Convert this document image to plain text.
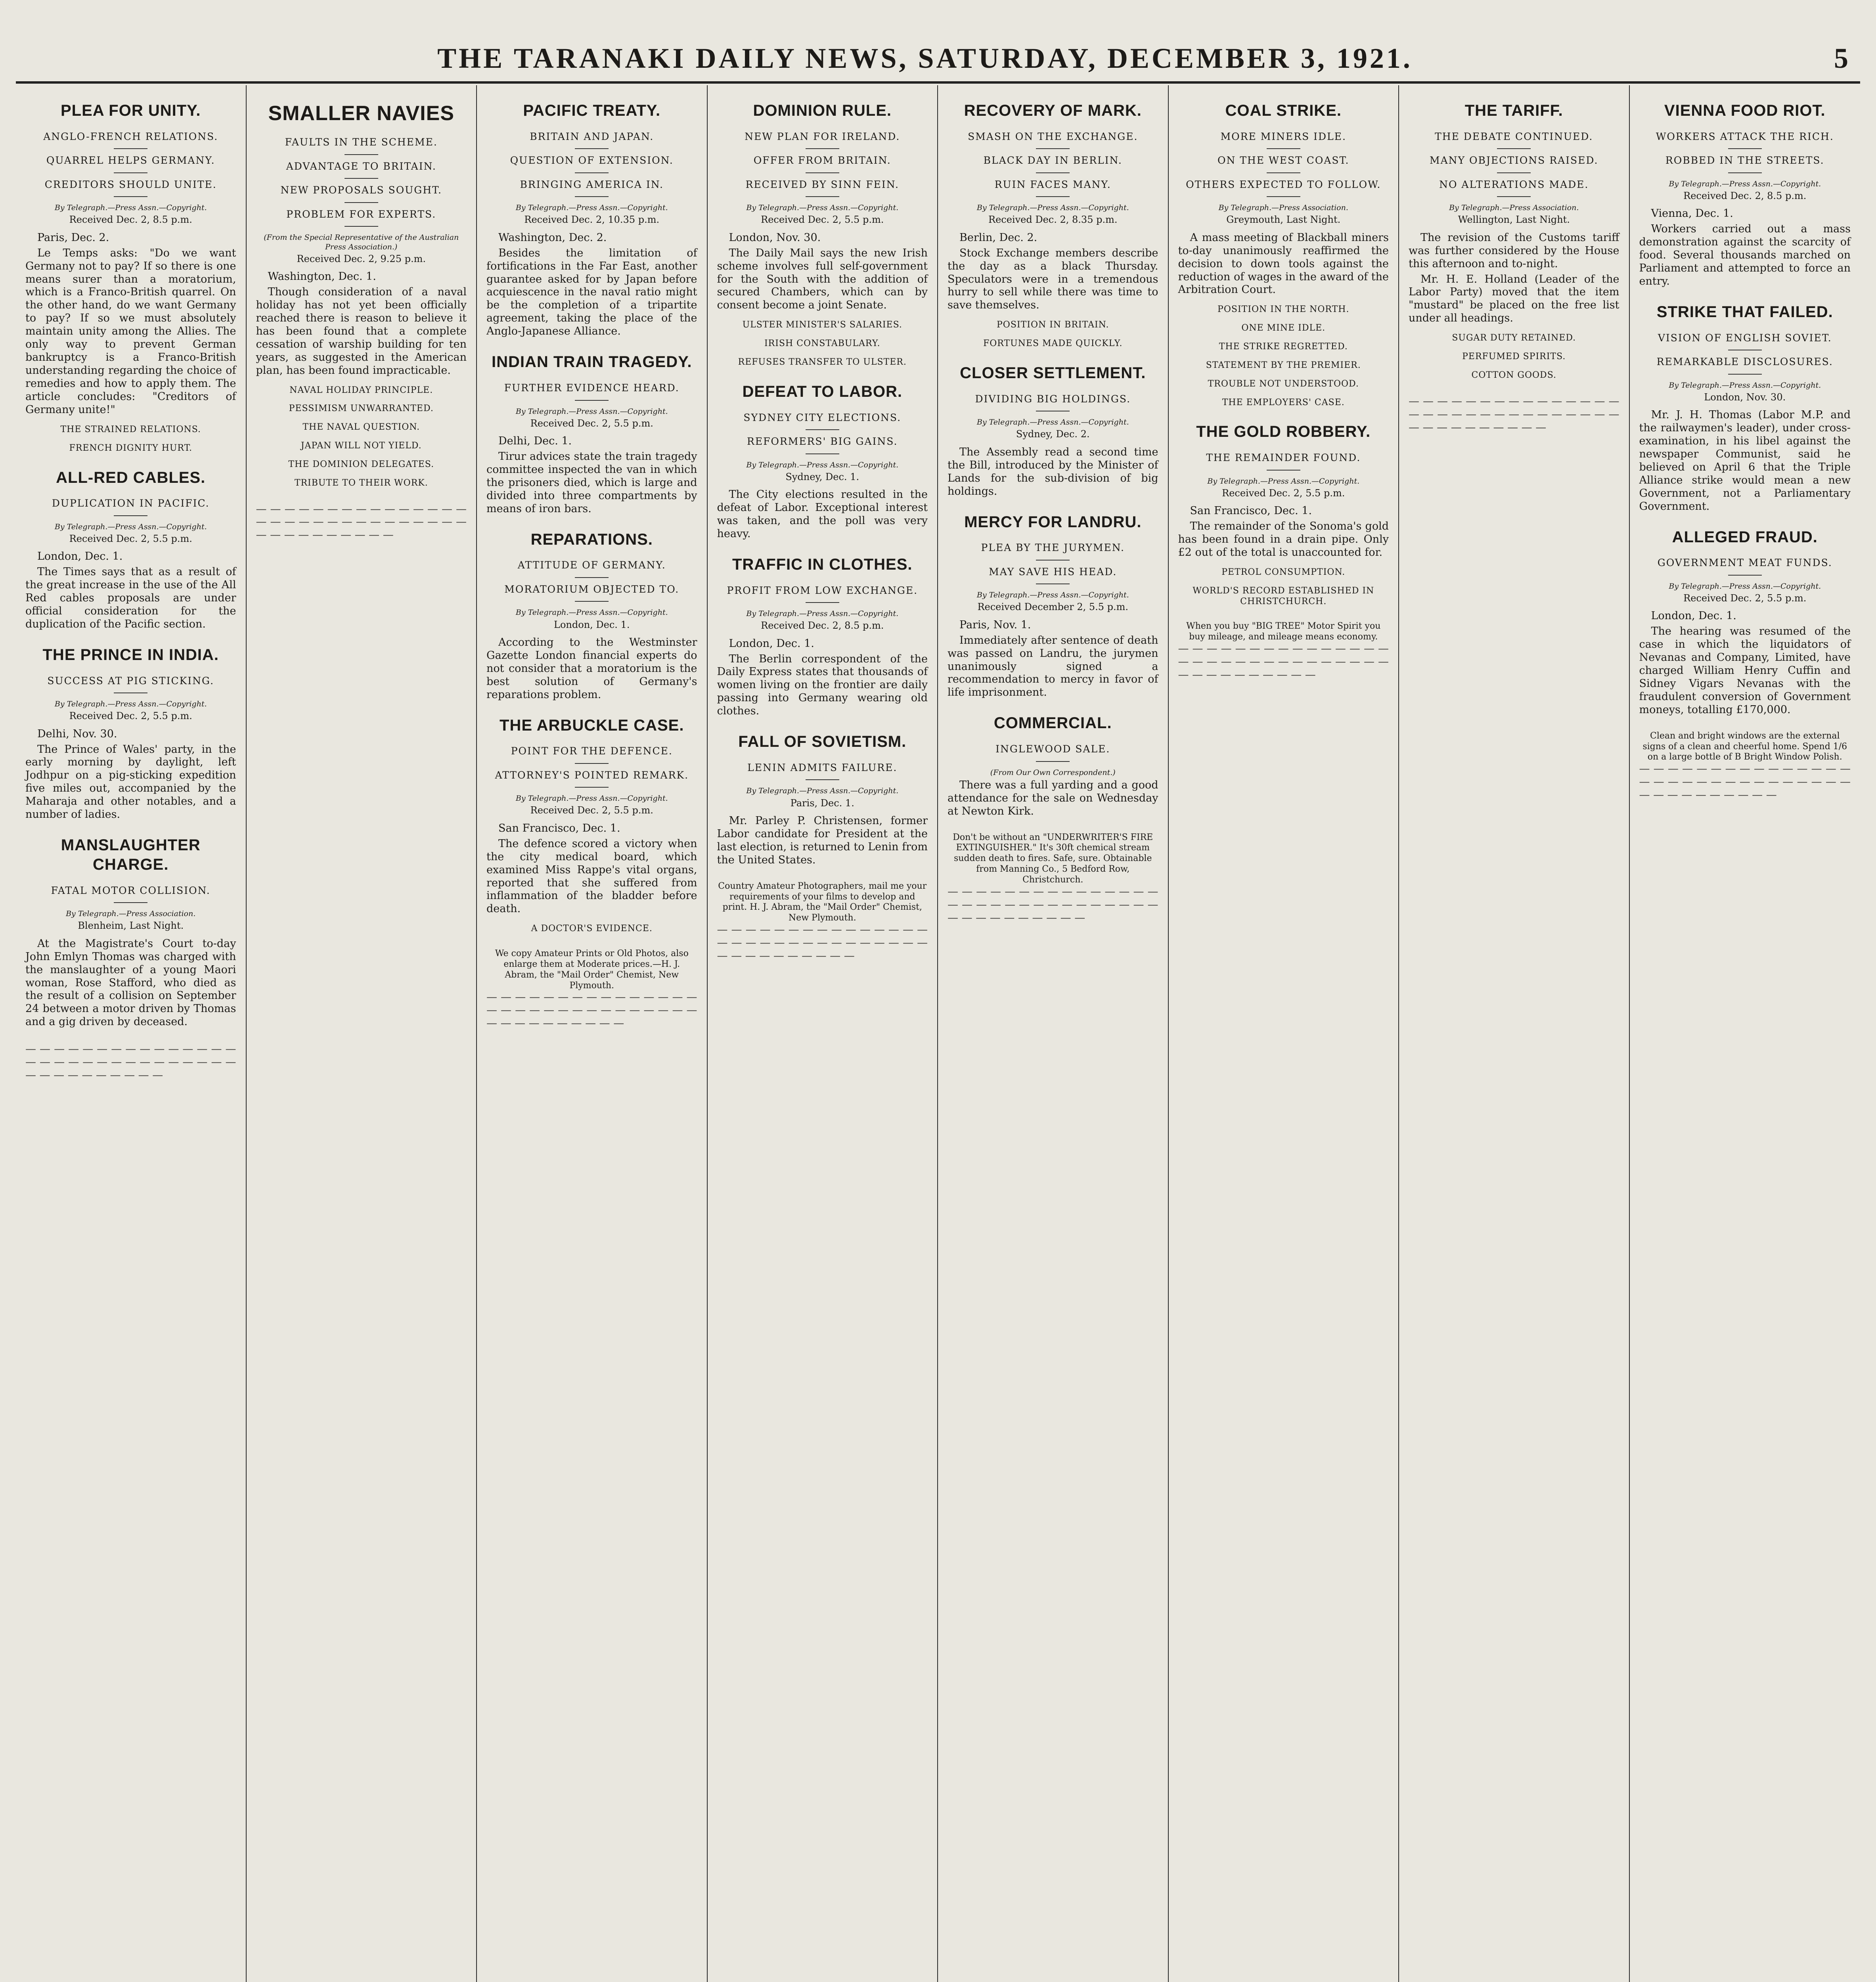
THE TARANAKI DAILY NEWS, SATURDAY, DECEMBER 3, 1921.	5
PLEA FOR UNITY.
ANGLO-FRENCH RELATIONS.
QUARREL HELPS GERMANY.
CREDITORS SHOULD UNITE.
By Telegraph.—Press Assn.—Copyright.
Received Dec. 2, 8.5 p.m.
Paris, Dec. 2.
Le Temps asks: "Do we want Germany not to pay? If so there is one means surer than a moratorium, which is a Franco-British quarrel. On the other hand, do we want Germany to pay? If so we must absolutely maintain unity among the Allies. The only way to prevent German bankruptcy is a Franco-British understanding regarding the choice of remedies and how to apply them. The article concludes: "Creditors of Germany unite!"
THE STRAINED RELATIONS.
FRENCH DIGNITY HURT.
ALL-RED CABLES.
DUPLICATION IN PACIFIC.
By Telegraph.—Press Assn.—Copyright.
Received Dec. 2, 5.5 p.m.
London, Dec. 1.
The Times says that as a result of the great increase in the use of the All Red cables proposals are under official consideration for the duplication of the Pacific section.
THE PRINCE IN INDIA.
SUCCESS AT PIG STICKING.
By Telegraph.—Press Assn.—Copyright.
Received Dec. 2, 5.5 p.m.
Delhi, Nov. 30.
The Prince of Wales' party, in the early morning by daylight, left Jodhpur on a pig-sticking expedition five miles out, accompanied by the Maharaja and other notables, and a number of ladies.
MANSLAUGHTER CHARGE.
FATAL MOTOR COLLISION.
By Telegraph.—Press Association.
Blenheim, Last Night.
At the Magistrate's Court to-day John Emlyn Thomas was charged with the manslaughter of a young Maori woman, Rose Stafford, who died as the result of a collision on September 24 between a motor driven by Thomas and a gig driven by deceased.
— — — — — — — — — — — — — — — — — — — — — — — — — — — — — — — — — — — — — — — —
SMALLER NAVIES
FAULTS IN THE SCHEME.
ADVANTAGE TO BRITAIN.
NEW PROPOSALS SOUGHT.
PROBLEM FOR EXPERTS.
(From the Special Representative of the Australian Press Association.)
Received Dec. 2, 9.25 p.m.
Washington, Dec. 1.
Though consideration of a naval holiday has not yet been officially reached there is reason to believe it has been found that a complete cessation of warship building for ten years, as suggested in the American plan, has been found impracticable.
NAVAL HOLIDAY PRINCIPLE.
PESSIMISM UNWARRANTED.
THE NAVAL QUESTION.
JAPAN WILL NOT YIELD.
THE DOMINION DELEGATES.
TRIBUTE TO THEIR WORK.
— — — — — — — — — — — — — — — — — — — — — — — — — — — — — — — — — — — — — — — —
PACIFIC TREATY.
BRITAIN AND JAPAN.
QUESTION OF EXTENSION.
BRINGING AMERICA IN.
By Telegraph.—Press Assn.—Copyright.
Received Dec. 2, 10.35 p.m.
Washington, Dec. 2.
Besides the limitation of fortifications in the Far East, another guarantee asked for by Japan before acquiescence in the naval ratio might be the completion of a tripartite agreement, taking the place of the Anglo-Japanese Alliance.
INDIAN TRAIN TRAGEDY.
FURTHER EVIDENCE HEARD.
By Telegraph.—Press Assn.—Copyright.
Received Dec. 2, 5.5 p.m.
Delhi, Dec. 1.
Tirur advices state the train tragedy committee inspected the van in which the prisoners died, which is large and divided into three compartments by means of iron bars.
REPARATIONS.
ATTITUDE OF GERMANY.
MORATORIUM OBJECTED TO.
By Telegraph.—Press Assn.—Copyright.
London, Dec. 1.
According to the Westminster Gazette London financial experts do not consider that a moratorium is the best solution of Germany's reparations problem.
THE ARBUCKLE CASE.
POINT FOR THE DEFENCE.
ATTORNEY'S POINTED REMARK.
By Telegraph.—Press Assn.—Copyright.
Received Dec. 2, 5.5 p.m.
San Francisco, Dec. 1.
The defence scored a victory when the city medical board, which examined Miss Rappe's vital organs, reported that she suffered from inflammation of the bladder before death.
A DOCTOR'S EVIDENCE.
We copy Amateur Prints or Old Photos, also enlarge them at Moderate prices.—H. J. Abram, the "Mail Order" Chemist, New Plymouth.
— — — — — — — — — — — — — — — — — — — — — — — — — — — — — — — — — — — — — — — —
DOMINION RULE.
NEW PLAN FOR IRELAND.
OFFER FROM BRITAIN.
RECEIVED BY SINN FEIN.
By Telegraph.—Press Assn.—Copyright.
Received Dec. 2, 5.5 p.m.
London, Nov. 30.
The Daily Mail says the new Irish scheme involves full self-government for the South with the addition of secured Chambers, which can by consent become a joint Senate.
ULSTER MINISTER'S SALARIES.
IRISH CONSTABULARY.
REFUSES TRANSFER TO ULSTER.
DEFEAT TO LABOR.
SYDNEY CITY ELECTIONS.
REFORMERS' BIG GAINS.
By Telegraph.—Press Assn.—Copyright.
Sydney, Dec. 1.
The City elections resulted in the defeat of Labor. Exceptional interest was taken, and the poll was very heavy.
TRAFFIC IN CLOTHES.
PROFIT FROM LOW EXCHANGE.
By Telegraph.—Press Assn.—Copyright.
Received Dec. 2, 8.5 p.m.
London, Dec. 1.
The Berlin correspondent of the Daily Express states that thousands of women living on the frontier are daily passing into Germany wearing old clothes.
FALL OF SOVIETISM.
LENIN ADMITS FAILURE.
By Telegraph.—Press Assn.—Copyright.
Paris, Dec. 1.
Mr. Parley P. Christensen, former Labor candidate for President at the last election, is returned to Lenin from the United States.
Country Amateur Photographers, mail me your requirements of your films to develop and print. H. J. Abram, the "Mail Order" Chemist, New Plymouth.
— — — — — — — — — — — — — — — — — — — — — — — — — — — — — — — — — — — — — — — —
RECOVERY OF MARK.
SMASH ON THE EXCHANGE.
BLACK DAY IN BERLIN.
RUIN FACES MANY.
By Telegraph.—Press Assn.—Copyright.
Received Dec. 2, 8.35 p.m.
Berlin, Dec. 2.
Stock Exchange members describe the day as a black Thursday. Speculators were in a tremendous hurry to sell while there was time to save themselves.
POSITION IN BRITAIN.
FORTUNES MADE QUICKLY.
CLOSER SETTLEMENT.
DIVIDING BIG HOLDINGS.
By Telegraph.—Press Assn.—Copyright.
Sydney, Dec. 2.
The Assembly read a second time the Bill, introduced by the Minister of Lands for the sub-division of big holdings.
MERCY FOR LANDRU.
PLEA BY THE JURYMEN.
MAY SAVE HIS HEAD.
By Telegraph.—Press Assn.—Copyright.
Received December 2, 5.5 p.m.
Paris, Nov. 1.
Immediately after sentence of death was passed on Landru, the jurymen unanimously signed a recommendation to mercy in favor of life imprisonment.
COMMERCIAL.
INGLEWOOD SALE.
(From Our Own Correspondent.)
There was a full yarding and a good attendance for the sale on Wednesday at Newton Kirk.
Don't be without an "UNDERWRITER'S FIRE EXTINGUISHER." It's 30ft chemical stream sudden death to fires. Safe, sure. Obtainable from Manning Co., 5 Bedford Row, Christchurch.
— — — — — — — — — — — — — — — — — — — — — — — — — — — — — — — — — — — — — — — —
COAL STRIKE.
MORE MINERS IDLE.
ON THE WEST COAST.
OTHERS EXPECTED TO FOLLOW.
By Telegraph.—Press Association.
Greymouth, Last Night.
A mass meeting of Blackball miners to-day unanimously reaffirmed the decision to down tools against the reduction of wages in the award of the Arbitration Court.
POSITION IN THE NORTH.
ONE MINE IDLE.
THE STRIKE REGRETTED.
STATEMENT BY THE PREMIER.
TROUBLE NOT UNDERSTOOD.
THE EMPLOYERS' CASE.
THE GOLD ROBBERY.
THE REMAINDER FOUND.
By Telegraph.—Press Assn.—Copyright.
Received Dec. 2, 5.5 p.m.
San Francisco, Dec. 1.
The remainder of the Sonoma's gold has been found in a drain pipe. Only £2 out of the total is unaccounted for.
PETROL CONSUMPTION.
WORLD'S RECORD ESTABLISHED IN CHRISTCHURCH.
When you buy "BIG TREE" Motor Spirit you buy mileage, and mileage means economy.
— — — — — — — — — — — — — — — — — — — — — — — — — — — — — — — — — — — — — — — —
THE TARIFF.
THE DEBATE CONTINUED.
MANY OBJECTIONS RAISED.
NO ALTERATIONS MADE.
By Telegraph.—Press Association.
Wellington, Last Night.
The revision of the Customs tariff was further considered by the House this afternoon and to-night.
Mr. H. E. Holland (Leader of the Labor Party) moved that the item "mustard" be placed on the free list under all headings.
SUGAR DUTY RETAINED.
PERFUMED SPIRITS.
COTTON GOODS.
— — — — — — — — — — — — — — — — — — — — — — — — — — — — — — — — — — — — — — — —
VIENNA FOOD RIOT.
WORKERS ATTACK THE RICH.
ROBBED IN THE STREETS.
By Telegraph.—Press Assn.—Copyright.
Received Dec. 2, 8.5 p.m.
Vienna, Dec. 1.
Workers carried out a mass demonstration against the scarcity of food. Several thousands marched on Parliament and attempted to force an entry.
STRIKE THAT FAILED.
VISION OF ENGLISH SOVIET.
REMARKABLE DISCLOSURES.
By Telegraph.—Press Assn.—Copyright.
London, Nov. 30.
Mr. J. H. Thomas (Labor M.P. and the railwaymen's leader), under cross-examination, in his libel against the newspaper Communist, said he believed on April 6 that the Triple Alliance strike would mean a new Government, not a Parliamentary Government.
ALLEGED FRAUD.
GOVERNMENT MEAT FUNDS.
By Telegraph.—Press Assn.—Copyright.
Received Dec. 2, 5.5 p.m.
London, Dec. 1.
The hearing was resumed of the case in which the liquidators of Nevanas and Company, Limited, have charged William Henry Cuffin and Sidney Vigars Nevanas with the fraudulent conversion of Government moneys, totalling £170,000.
Clean and bright windows are the external signs of a clean and cheerful home. Spend 1/6 on a large bottle of B Bright Window Polish.
— — — — — — — — — — — — — — — — — — — — — — — — — — — — — — — — — — — — — — — —
